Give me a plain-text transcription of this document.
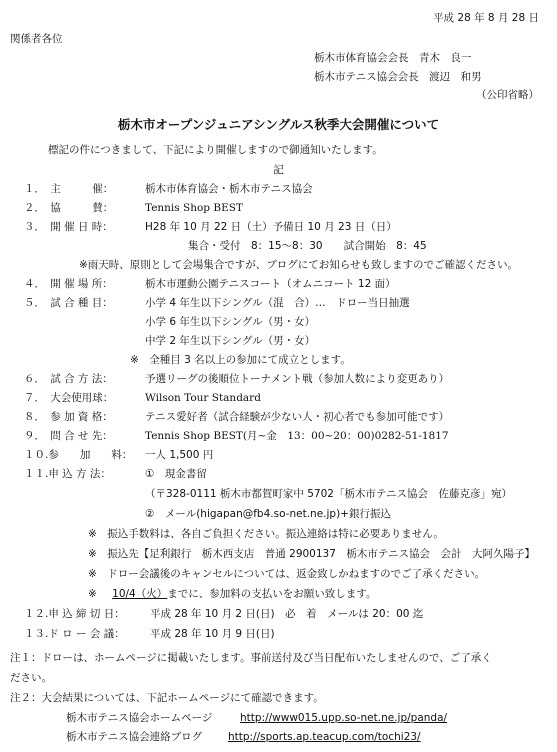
平成 28 年 8 月 28 日
関係者各位
栃木市体育協会会長　青木　良一
栃木市テニス協会会長　渡辺　和男
（公印省略）
栃木市オープンジュニアシングルス秋季大会開催について
標記の件につきまして、下記により開催しますので御通知いたします。
記
１．　主　　　催：	栃木市体育協会・栃木市テニス協会
２．　協　　　賛：	Tennis Shop BEST
３．　開 催 日 時：	H28 年 10 月 22 日（土）予備日 10 月 23 日（日）
集合・受付　8：15～8：30　　試合開始　8：45
※雨天時、原則として会場集合ですが、ブログにてお知らせも致しますのでご確認ください。
４．　開 催 場 所：	栃木市運動公園テニスコート（オムニコート 12 面）
５．　試 合 種 目：	小学 4 年生以下シングル（混　合）…　ドロー当日抽選
小学 6 年生以下シングル（男・女）
中学 2 年生以下シングル（男・女）
※　全種目 3 名以上の参加にて成立とします。
６．　試 合 方 法：	予選リーグの後順位トーナメント戦（参加人数により変更あり）
７．　大会使用球：	Wilson Tour Standard
８．　参 加 資 格：	テニス愛好者（試合経験が少ない人・初心者でも参加可能です）
９．　問 合 せ 先：	Tennis Shop BEST(月~金　13：00~20：00)0282-51-1817
１０.参　　加　　料： 一人 1,500 円
１１.申 込 方 法：	①　現金書留
（〒328-0111 栃木市都賀町家中 5702「栃木市テニス協会　佐藤克彦」宛）
②　メール(higapan@fb4.so-net.ne.jp)+銀行振込
※　振込手数料は、各自ご負担ください。振込連絡は特に必要ありません。
※　振込先【足利銀行　栃木西支店　普通 2900137　栃木市テニス協会　会計　大阿久陽子】
※　ドロー会議後のキャンセルについては、返金致しかねますのでご了承ください。
※ 10/4（火）までに、参加料の支払いをお願い致します。
１２.申 込 締 切 日： 平成 28 年 10 月 2 日(日)　必　着　メールは 20：00 迄
１３.ド ロ ー 会 議： 平成 28 年 10 月 9 日(日)
注１：ドローは、ホームページに掲載いたします。事前送付及び当日配布いたしませんので、ご了承く
ださい。
注２：大会結果については、下記ホームページにて確認できます。
栃木市テニス協会ホームページ	http://www015.upp.so-net.ne.jp/panda/
栃木市テニス協会連絡ブログ http://sports.ap.teacup.com/tochi23/
